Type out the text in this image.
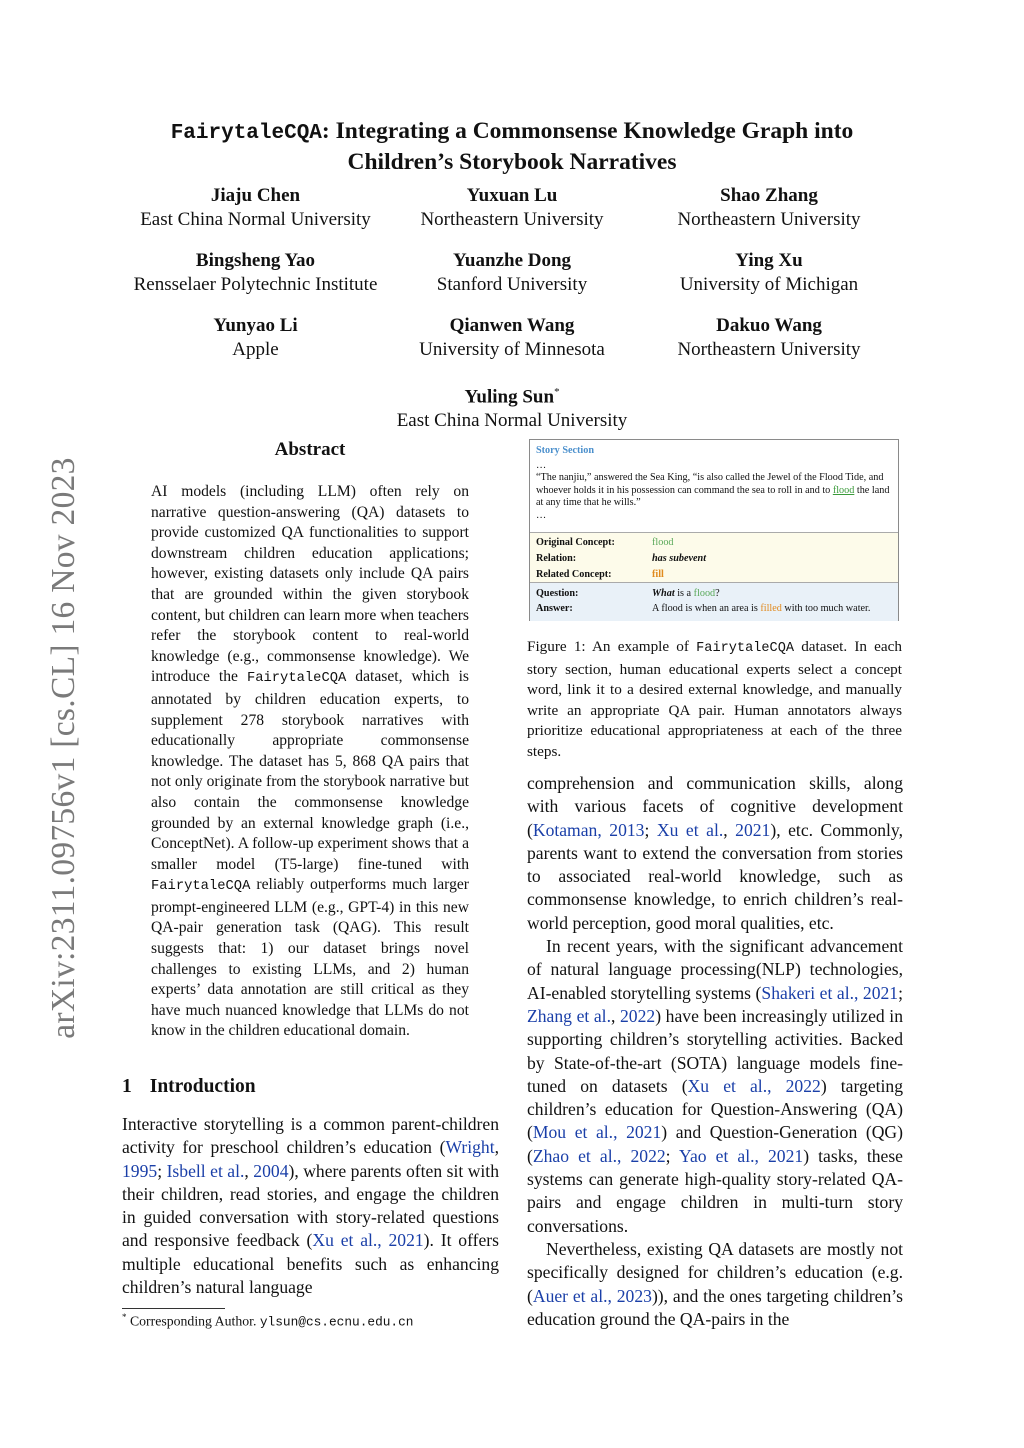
arXiv:2311.09756v1 [cs.CL] 16 Nov 2023
FairytaleCQA: Integrating a Commonsense Knowledge Graph into
Children’s Storybook Narratives
Jiaju Chen
East China Normal University
Yuxuan Lu
Northeastern University
Shao Zhang
Northeastern University
Bingsheng Yao
Rensselaer Polytechnic Institute
Yuanzhe Dong
Stanford University
Ying Xu
University of Michigan
Yunyao Li
Apple
Qianwen Wang
University of Minnesota
Dakuo Wang
Northeastern University
Yuling Sun*
East China Normal University
Abstract
AI models (including LLM) often rely on narrative question-answering (QA) datasets to provide customized QA functionalities to support downstream children education applications; however, existing datasets only include QA pairs that are grounded within the given storybook content, but children can learn more when teachers refer the storybook content to real-world knowledge (e.g., commonsense knowledge). We introduce the FairytaleCQA dataset, which is annotated by children education experts, to supplement 278 storybook narratives with educationally appropriate commonsense knowledge. The dataset has 5, 868 QA pairs that not only originate from the storybook narrative but also contain the commonsense knowledge grounded by an external knowledge graph (i.e., ConceptNet). A follow-up experiment shows that a smaller model (T5-large) fine-tuned with FairytaleCQA reliably outperforms much larger prompt-engineered LLM (e.g., GPT-4) in this new QA-pair generation task (QAG). This result suggests that: 1) our dataset brings novel challenges to existing LLMs, and 2) human experts’ data annotation are still critical as they have much nuanced knowledge that LLMs do not know in the children educational domain.
1 Introduction

Interactive storytelling is a common parent-children activity for preschool children’s education (Wright, 1995; Isbell et al., 2004), where parents often sit with their children, read stories, and engage the children in guided conversation with story-related questions and responsive feedback (Xu et al., 2021). It offers multiple educational benefits such as enhancing children’s natural language

* Corresponding Author. ylsun@cs.ecnu.edu.cn
Story Section
…
“The nanjiu,” answered the Sea King, “is also called the Jewel of the Flood Tide, and whoever holds it in his possession can command the sea to roll in and to flood the land at any time that he wills.”
…
Original Concept:	flood
Relation:	has subevent
Related Concept:	fill
Question:	What is a flood?
Answer:	A flood is when an area is filled with too much water.
Figure 1: An example of FairytaleCQA dataset. In each story section, human educational experts select a concept word, link it to a desired external knowledge, and manually write an appropriate QA pair. Human annotators always prioritize educational appropriateness at each of the three steps.

comprehension and communication skills, along with various facets of cognitive development (Kotaman, 2013; Xu et al., 2021), etc. Commonly, parents want to extend the conversation from stories to associated real-world knowledge, such as commonsense knowledge, to enrich children’s real-world perception, good moral qualities, etc.

In recent years, with the significant advancement of natural language processing(NLP) technologies, AI-enabled storytelling systems (Shakeri et al., 2021; Zhang et al., 2022) have been increasingly utilized in supporting children’s storytelling activities. Backed by State-of-the-art (SOTA) language models fine-tuned on datasets (Xu et al., 2022) targeting children’s education for Question-Answering (QA) (Mou et al., 2021) and Question-Generation (QG) (Zhao et al., 2022; Yao et al., 2021) tasks, these systems can generate high-quality story-related QA-pairs and engage children in multi-turn story conversations.

Nevertheless, existing QA datasets are mostly not specifically designed for children’s education (e.g. (Auer et al., 2023)), and the ones targeting children’s education ground the QA-pairs in the
